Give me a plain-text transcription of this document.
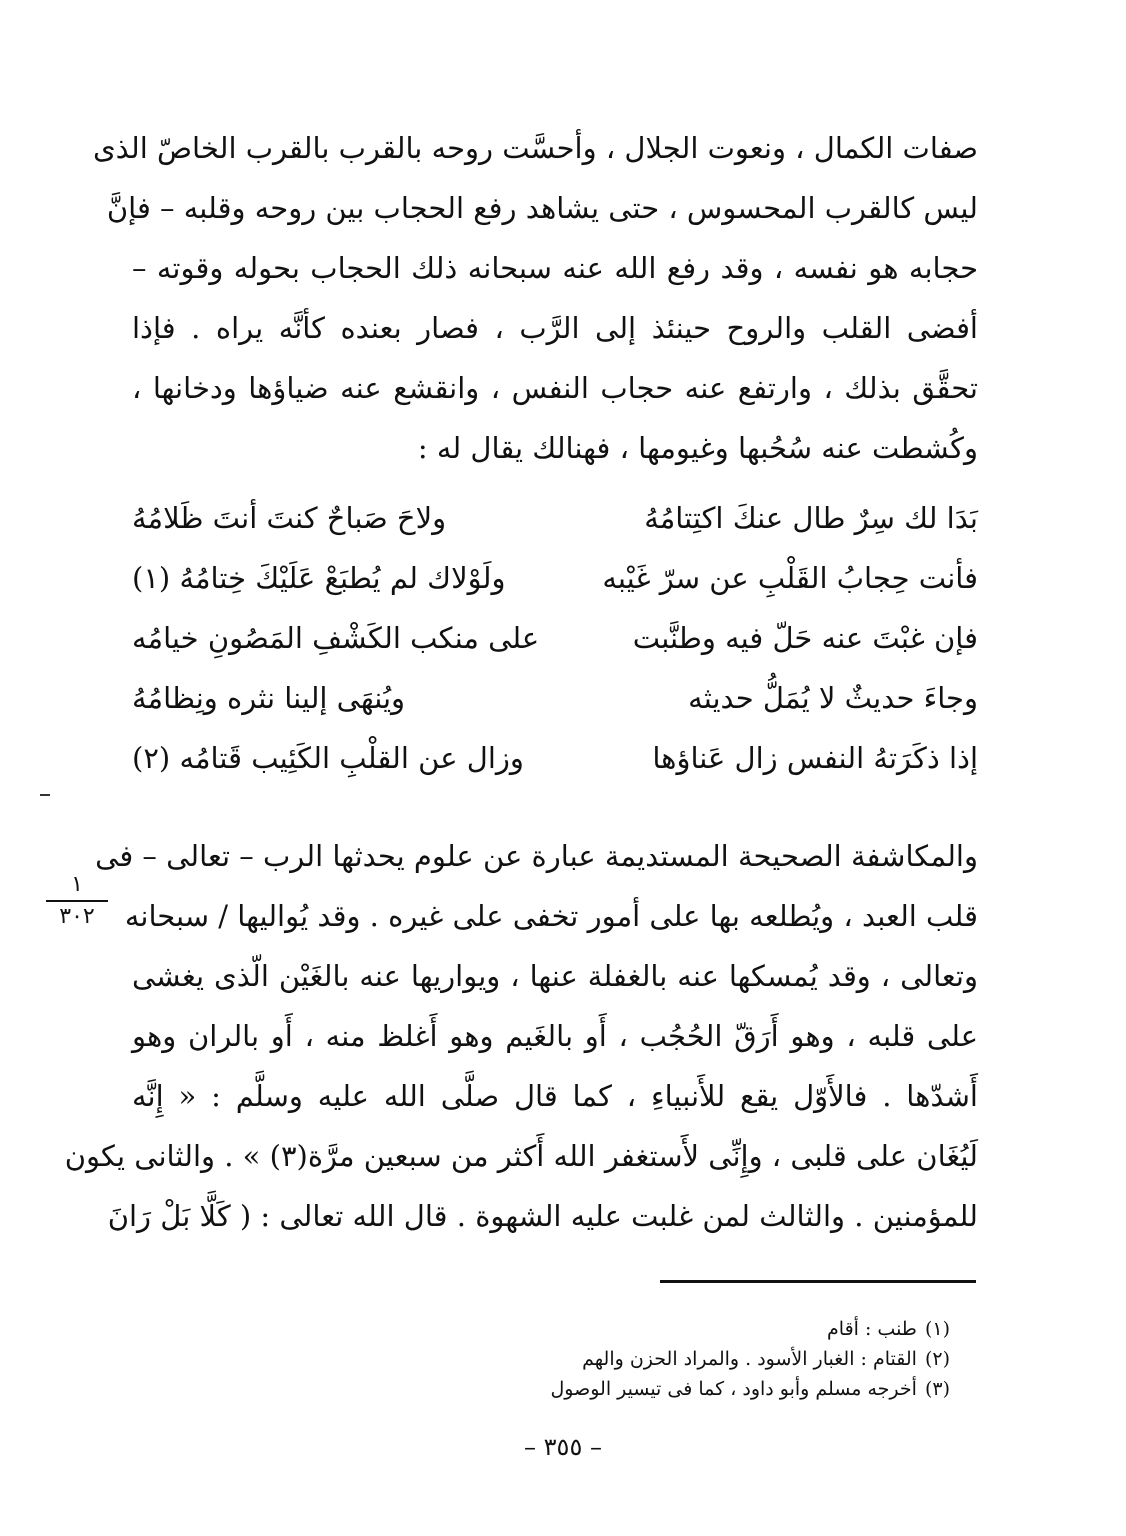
صفات الكمال ، ونعوت الجلال ، وأحسَّت روحه بالقرب بالقرب الخاصّ الذى
ليس كالقرب المحسوس ، حتى يشاهد رفع الحجاب بين روحه وقلبه – فإنَّ
حجابه هو نفسه ، وقد رفع الله عنه سبحانه ذلك الحجاب بحوله وقوته –
أفضى القلب والروح حينئذ إلى الرَّب ، فصار بعنده كأنَّه يراه . فإذا
تحقَّق بذلك ، وارتفع عنه حجاب النفس ، وانقشع عنه ضياؤها ودخانها ،
وكُشطت عنه سُحُبها وغيومها ، فهنالك يقال له :
بَدَا لك سِرٌ طال عنكَ اكتِتامُهُ
ولاحَ صَباحٌ كنتَ أنتَ ظَلامُهُ
فأنت حِجابُ القَلْبِ عن سرّ غَيْبه
ولَوْلاك لم يُطبَعْ عَلَيْكَ خِتامُهُ (١)
فإن غبْتَ عنه حَلّ فيه وطنَّبت
على منكب الكَشْفِ المَصُونِ خيامُه
وجاءَ حديثٌ لا يُمَلُّ حديثه
ويُنهَى إلينا نثره ونِظامُهُ
إذا ذكَرَتهُ النفس زال عَناؤها
وزال عن القلْبِ الكَئِيب قَتامُه (٢)
والمكاشفة الصحيحة المستديمة عبارة عن علوم يحدثها الرب – تعالى – فى
قلب العبد ، ويُطلعه بها على أمور تخفى على غيره . وقد يُواليها / سبحانه
وتعالى ، وقد يُمسكها عنه بالغفلة عنها ، ويواريها عنه بالغَيْن الّذى يغشى
على قلبه ، وهو أَرَقّ الحُجُب ، أَو بالغَيم وهو أَغلظ منه ، أَو بالران وهو
أَشدّها . فالأَوّل يقع للأَنبياءِ ، كما قال صلَّى الله عليه وسلَّم : « إِنَّه
لَيُغَان على قلبى ، وإِنِّى لأَستغفر الله أَكثر من سبعين مرَّة(٣) » . والثانى يكون
للمؤمنين . والثالث لمن غلبت عليه الشهوة . قال الله تعالى : ( كَلَّا بَلْ رَانَ
١
٣٠٢
(١)طنب : أقام
(٢)القتام : الغبار الأسود . والمراد الحزن والهم
(٣)أخرجه مسلم وأبو داود ، كما فى تيسير الوصول
– ٣٥٥ –
